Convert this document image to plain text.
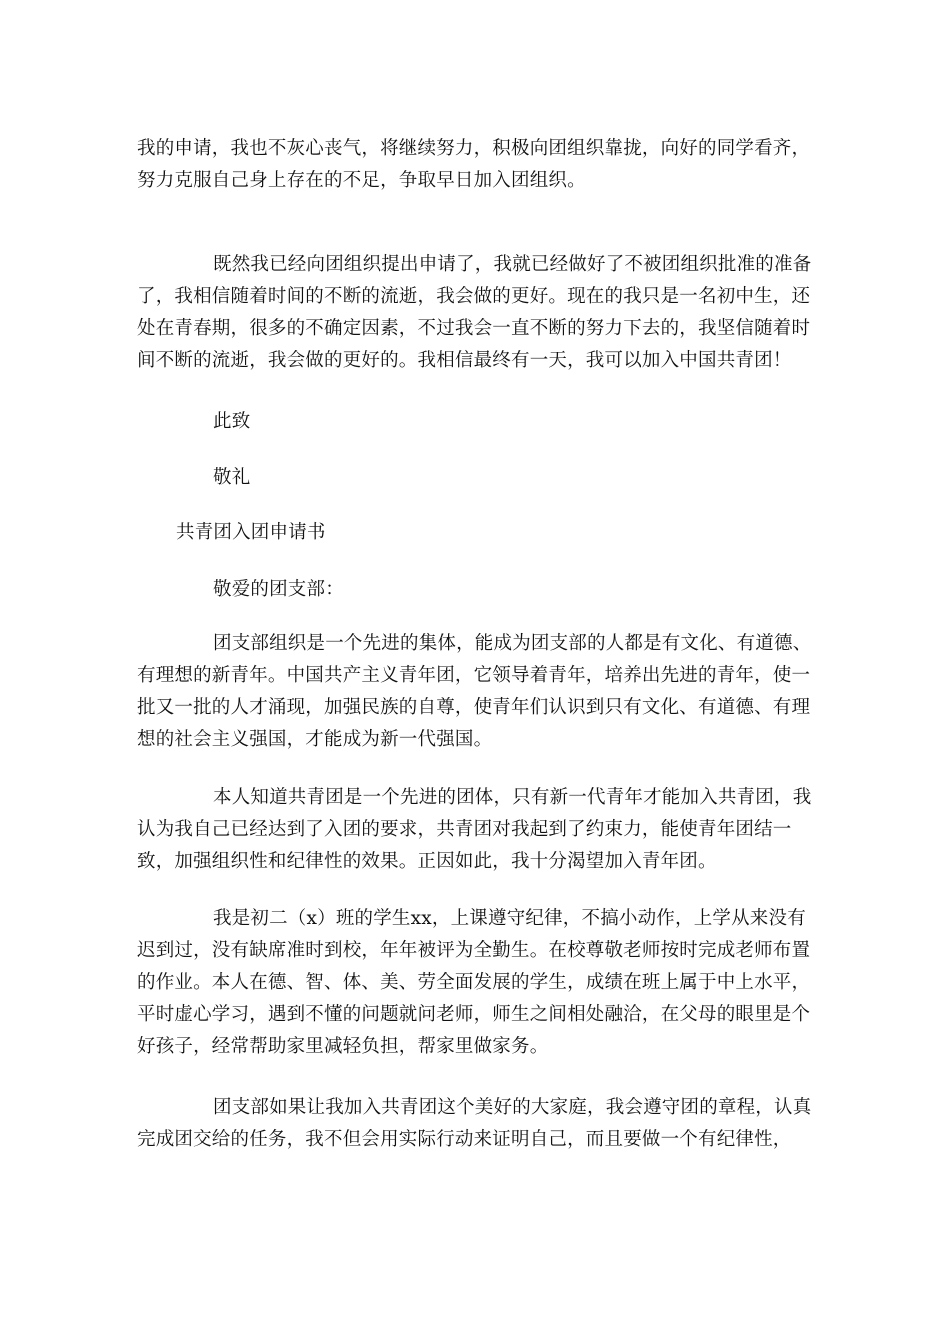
我的申请，我也不灰心丧气，将继续努力，积极向团组织靠拢，向好的同学看齐，努力克服自己身上存在的不足，争取早日加入团组织。
既然我已经向团组织提出申请了，我就已经做好了不被团组织批准的准备了，我相信随着时间的不断的流逝，我会做的更好。现在的我只是一名初中生，还处在青春期，很多的不确定因素，不过我会一直不断的努力下去的，我坚信随着时间不断的流逝，我会做的更好的。我相信最终有一天，我可以加入中国共青团！
此致
敬礼
共青团入团申请书
敬爱的团支部：
团支部组织是一个先进的集体，能成为团支部的人都是有文化、有道德、有理想的新青年。中国共产主义青年团，它领导着青年，培养出先进的青年，使一批又一批的人才涌现，加强民族的自尊，使青年们认识到只有文化、有道德、有理想的社会主义强国，才能成为新一代强国。
本人知道共青团是一个先进的团体，只有新一代青年才能加入共青团，我认为我自己已经达到了入团的要求，共青团对我起到了约束力，能使青年团结一致，加强组织性和纪律性的效果。正因如此，我十分渴望加入青年团。
我是初二（x）班的学生xx，上课遵守纪律，不搞小动作，上学从来没有迟到过，没有缺席准时到校，年年被评为全勤生。在校尊敬老师按时完成老师布置的作业。本人在德、智、体、美、劳全面发展的学生，成绩在班上属于中上水平，平时虚心学习，遇到不懂的问题就问老师，师生之间相处融洽，在父母的眼里是个好孩子，经常帮助家里减轻负担，帮家里做家务。
团支部如果让我加入共青团这个美好的大家庭，我会遵守团的章程，认真完成团交给的任务，我不但会用实际行动来证明自己，而且要做一个有纪律性，
